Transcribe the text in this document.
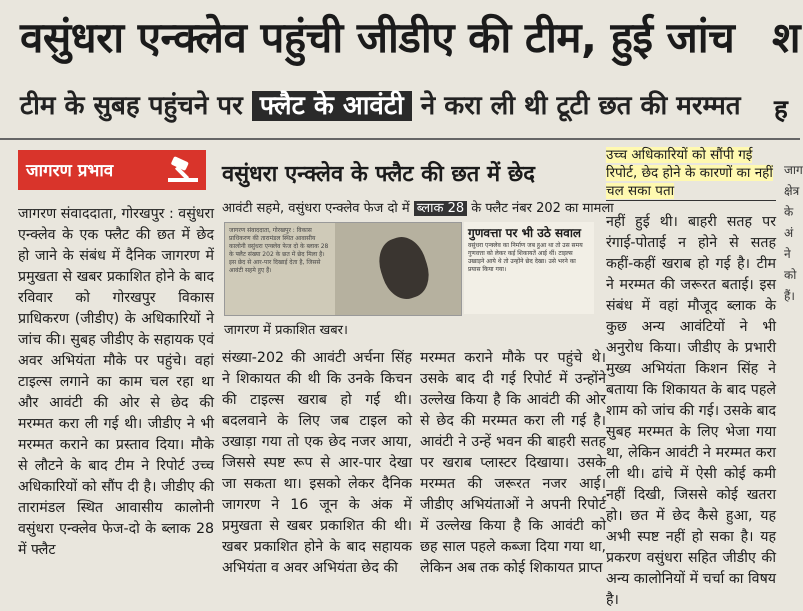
वसुंधरा एन्क्लेव पहुंची जीडीए की टीम, हुई जांच श
टीम के सुबह पहुंचने पर फ्लैट के आवंटी ने करा ली थी टूटी छत की मरम्मत ह
जागरण प्रभाव

जागरण संवाददाता, गोरखपुर : वसुंधरा एन्क्लेव के एक फ्लैट की छत में छेद हो जाने के संबंध में दैनिक जागरण में प्रमुखता से खबर प्रकाशित होने के बाद रविवार को गोरखपुर विकास प्राधिकरण (जीडीए) के अधिकारियों ने जांच की। सुबह जीडीए के सहायक एवं अवर अभियंता मौके पर पहुंचे। वहां टाइल्स लगाने का काम चल रहा था और आवंटी की ओर से छेद की मरम्मत करा ली गई थी। जीडीए ने भी मरम्मत कराने का प्रस्ताव दिया। मौके से लौटने के बाद टीम ने रिपोर्ट उच्च अधिकारियों को सौंप दी है। जीडीए की तारामंडल स्थित आवासीय कालोनी वसुंधरा एन्क्लेव फेज-दो के ब्लाक 28 में फ्लैट

वसुंधरा एन्क्लेव के फ्लैट की छत में छेद
आवंटी सहमे, वसुंधरा एन्क्लेव फेज दो में ब्लाक 28 के फ्लैट नंबर 202 का मामला
जागरण संवाददाता, गोरखपुर : विकास प्राधिकरण की तारामंडल स्थित आवासीय कालोनी वसुंधरा एन्क्लेव फेज दो के ब्लाक 28 के फ्लैट संख्या 202 के छत में छेद मिला है। इस छेद से आर-पार दिखाई देता है, जिससे आवंटी सहमे हुए हैं।
गुणवत्ता पर भी उठे सवाल
वसुंधरा एन्क्लेव का निर्माण जब हुआ था तो उस समय गुणवत्ता को लेकर कई शिकायतें आई थीं। टाइल्स उखाड़ने आये थे तो उन्होंने छेद देखा। उसे भरने का प्रयास किया गया।
जागरण में प्रकाशित खबर।

संख्या-202 की आवंटी अर्चना सिंह ने शिकायत की थी कि उनके किचन की टाइल्स खराब हो गई थी। बदलवाने के लिए जब टाइल को उखाड़ा गया तो एक छेद नजर आया, जिससे स्पष्ट रूप से आर-पार देखा जा सकता था। इसको लेकर दैनिक जागरण ने 16 जून के अंक में प्रमुखता से खबर प्रकाशित की थी। खबर प्रकाशित होने के बाद सहायक अभियंता व अवर अभियंता छेद की

मरम्मत कराने मौके पर पहुंचे थे। उसके बाद दी गई रिपोर्ट में उन्होंने उल्लेख किया है कि आवंटी की ओर से छेद की मरम्मत करा ली गई है। आवंटी ने उन्हें भवन की बाहरी सतह पर खराब प्लास्टर दिखाया। उसके मरम्मत की जरूरत नजर आई। जीडीए अभियंताओं ने अपनी रिपोर्ट में उल्लेख किया है कि आवंटी को छह साल पहले कब्जा दिया गया था, लेकिन अब तक कोई शिकायत प्राप्त

उच्च अधिकारियों को सौंपी गई रिपोर्ट, छेद होने के कारणों का नहीं चल सका पता

नहीं हुई थी। बाहरी सतह पर रंगाई-पोताई न होने से सतह कहीं-कहीं खराब हो गई है। टीम ने मरम्मत की जरूरत बताई। इस संबंध में वहां मौजूद ब्लाक के कुछ अन्य आवंटियों ने भी अनुरोध किया। जीडीए के प्रभारी मुख्य अभियंता किशन सिंह ने बताया कि शिकायत के बाद पहले शाम को जांच की गई। उसके बाद सुबह मरम्मत के लिए भेजा गया था, लेकिन आवंटी ने मरम्मत करा ली थी। ढांचे में ऐसी कोई कमी नहीं दिखी, जिससे कोई खतरा हो। छत में छेद कैसे हुआ, यह अभी स्पष्ट नहीं हो सका है। यह प्रकरण वसुंधरा सहित जीडीए की अन्य कालोनियों में चर्चा का विषय है।

जाग क्षेत्र के अं ने को हैं।
